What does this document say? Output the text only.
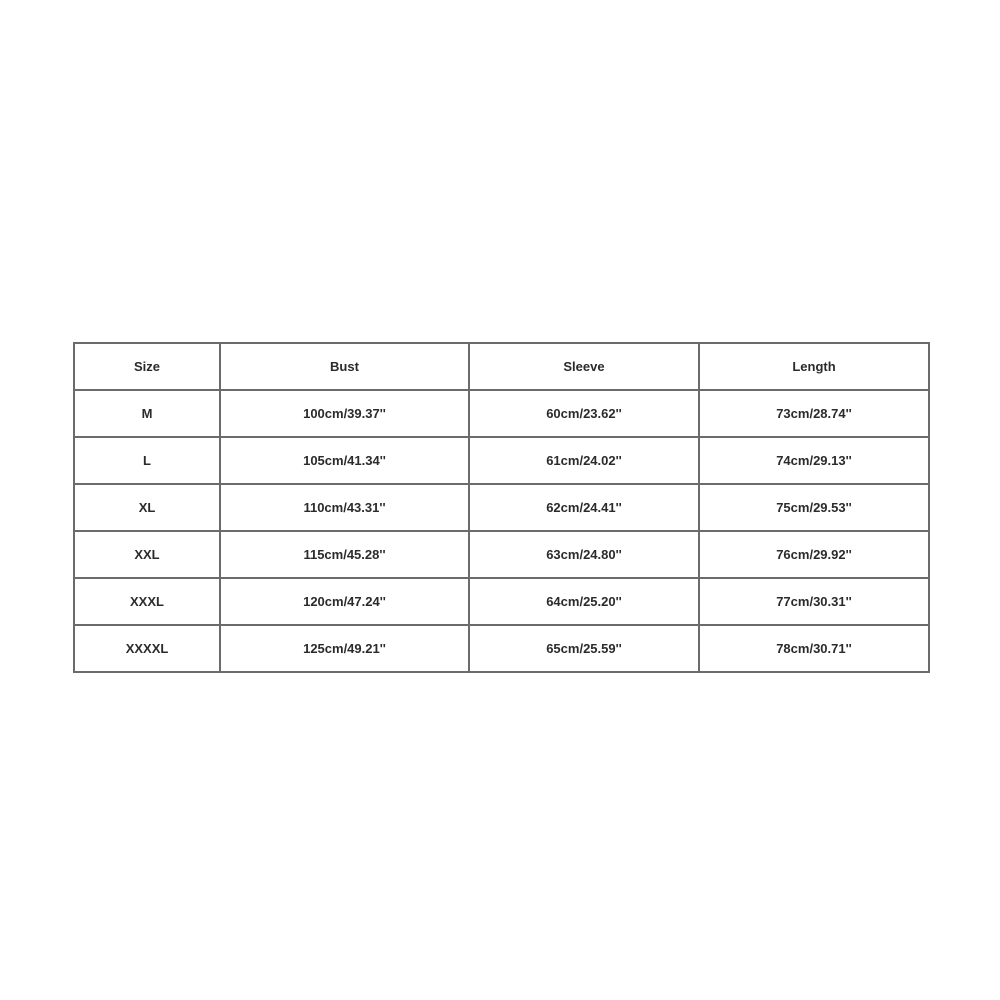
Size	Bust	Sleeve	Length
M	100cm/39.37''	60cm/23.62''	73cm/28.74''
L	105cm/41.34''	61cm/24.02''	74cm/29.13''
XL	110cm/43.31''	62cm/24.41''	75cm/29.53''
XXL	115cm/45.28''	63cm/24.80''	76cm/29.92''
XXXL	120cm/47.24''	64cm/25.20''	77cm/30.31''
XXXXL	125cm/49.21''	65cm/25.59''	78cm/30.71''
